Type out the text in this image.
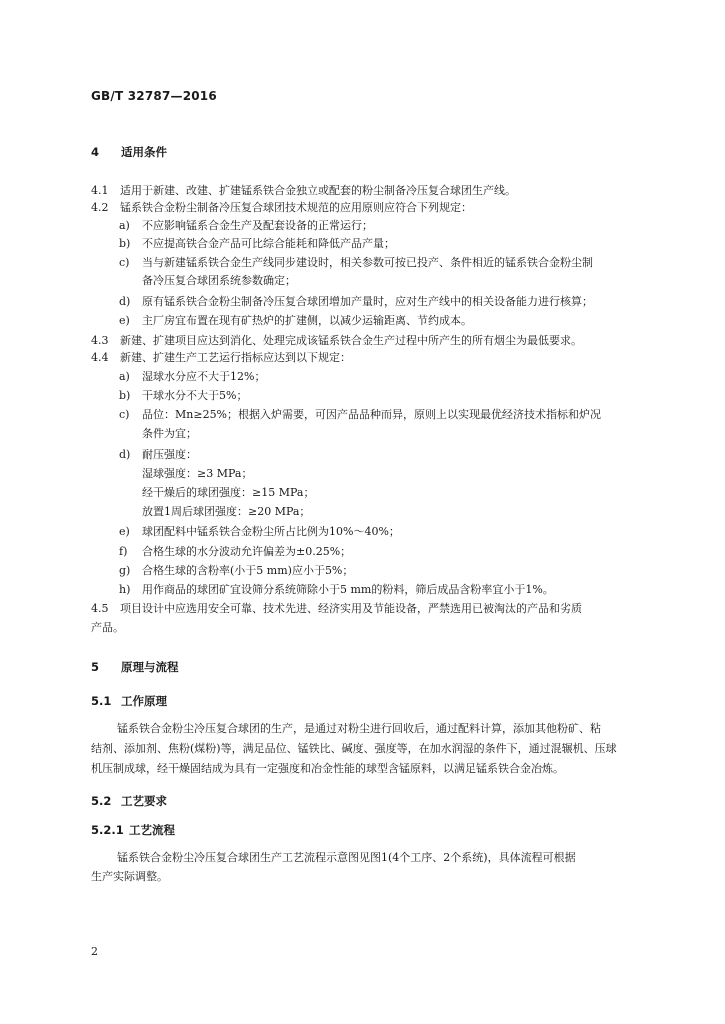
GB/T 32787—2016
4 适用条件
4.1 适用于新建、改建、扩建锰系铁合金独立或配套的粉尘制备冷压复合球团生产线。
4.2 锰系铁合金粉尘制备冷压复合球团技术规范的应用原则应符合下列规定：
a) 不应影响锰系合金生产及配套设备的正常运行；
b) 不应提高铁合金产品可比综合能耗和降低产品产量；
c) 当与新建锰系铁合金生产线同步建设时，相关参数可按已投产、条件相近的锰系铁合金粉尘制
备冷压复合球团系统参数确定；
d) 原有锰系铁合金粉尘制备冷压复合球团增加产量时，应对生产线中的相关设备能力进行核算；
e) 主厂房宜布置在现有矿热炉的扩建侧，以减少运输距离、节约成本。
4.3 新建、扩建项目应达到消化、处理完成该锰系铁合金生产过程中所产生的所有烟尘为最低要求。
4.4 新建、扩建生产工艺运行指标应达到以下规定：
a) 湿球水分应不大于12%；
b) 干球水分不大于5%；
c) 品位：Mn≥25%；根据入炉需要，可因产品品种而异，原则上以实现最优经济技术指标和炉况
条件为宜；
d) 耐压强度：
湿球强度：≥3 MPa；
经干燥后的球团强度：≥15 MPa；
放置1周后球团强度：≥20 MPa；
e) 球团配料中锰系铁合金粉尘所占比例为10%～40%；
f) 合格生球的水分波动允许偏差为±0.25%；
g) 合格生球的含粉率(小于5 mm)应小于5%；
h) 用作商品的球团矿宜设筛分系统筛除小于5 mm的粉料，筛后成品含粉率宜小于1%。
4.5 项目设计中应选用安全可靠、技术先进、经济实用及节能设备，严禁选用已被淘汰的产品和劣质
产品。
5 原理与流程
5.1 工作原理
锰系铁合金粉尘冷压复合球团的生产，是通过对粉尘进行回收后，通过配料计算，添加其他粉矿、粘
结剂、添加剂、焦粉(煤粉)等，满足品位、锰铁比、碱度、强度等，在加水润湿的条件下，通过混辗机、压球
机压制成球，经干燥固结成为具有一定强度和冶金性能的球型含锰原料，以满足锰系铁合金冶炼。
5.2 工艺要求
5.2.1 工艺流程
锰系铁合金粉尘冷压复合球团生产工艺流程示意图见图1(4个工序、2个系统)，具体流程可根据
生产实际调整。
2
